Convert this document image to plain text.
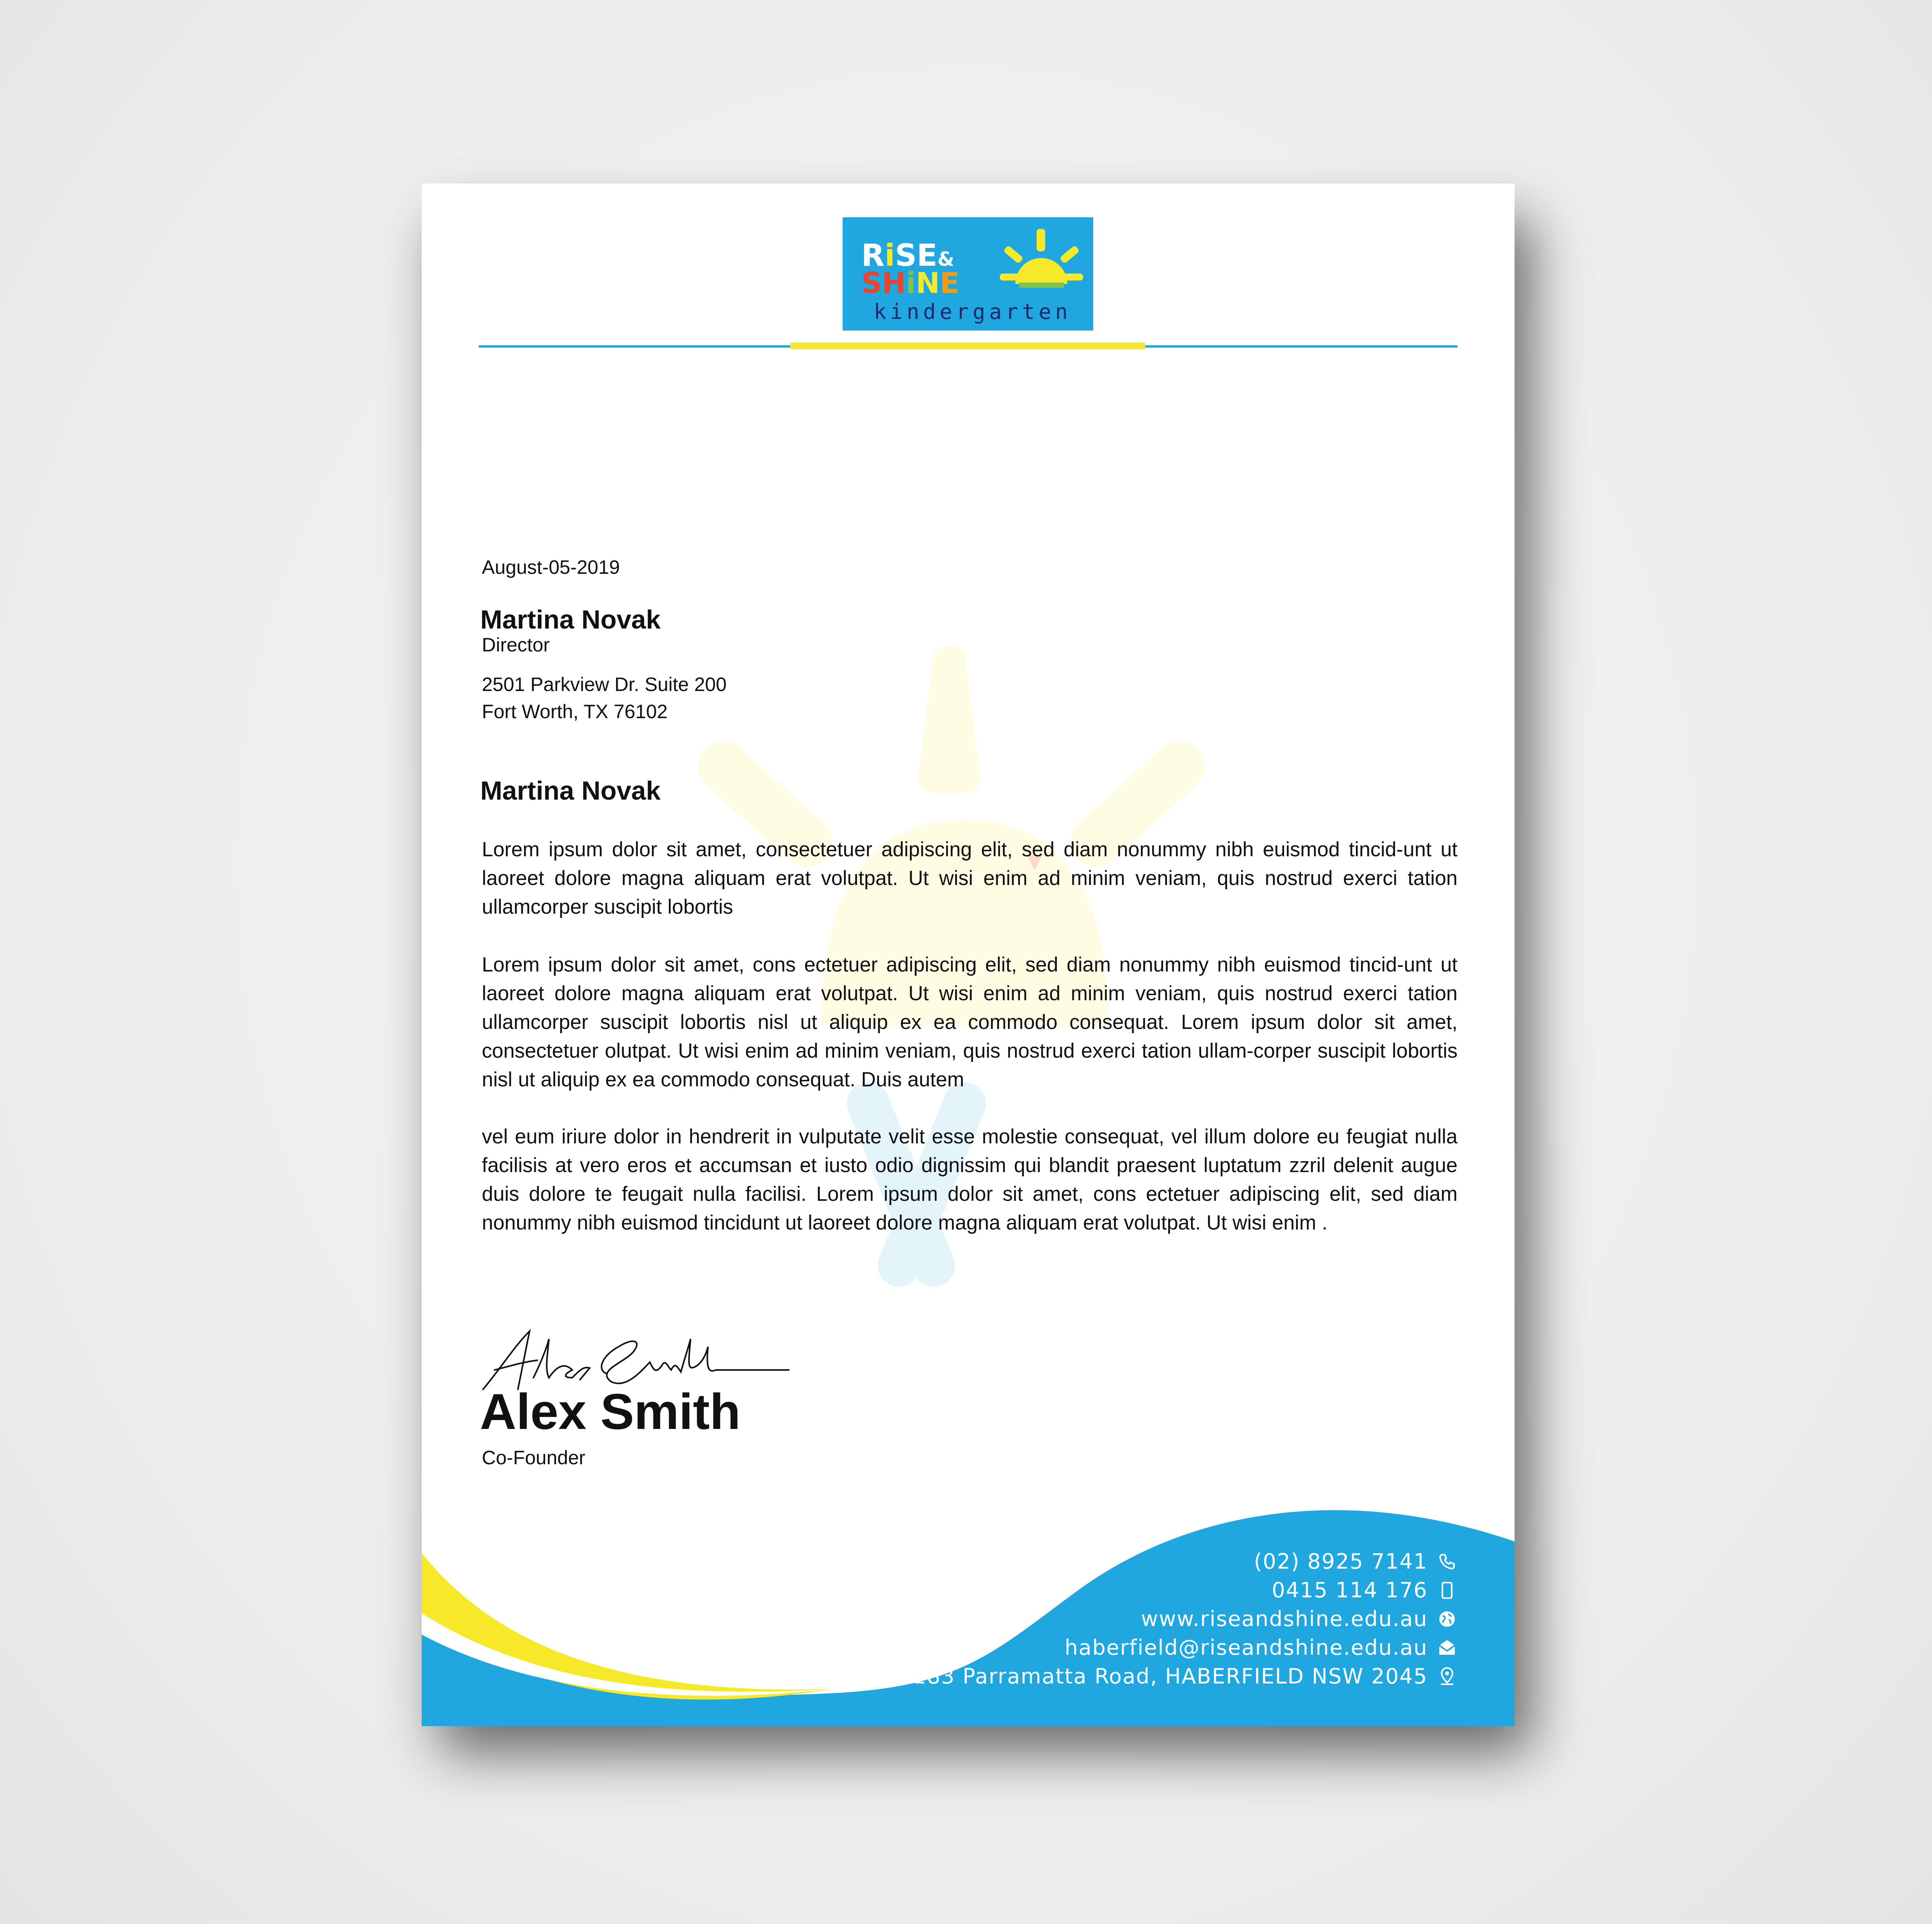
RiSE&
SHiNE
kindergarten
August-05-2019
Martina Novak
Director
2501 Parkview Dr. Suite 200
Fort Worth, TX 76102
Martina Novak
Lorem ipsum dolor sit amet, consectetuer adipiscing elit, sed diam nonummy nibh euismod tincid-unt ut laoreet dolore magna aliquam erat volutpat. Ut wisi enim ad minim veniam, quis nostrud exerci tation ullamcorper suscipit lobortis
Lorem ipsum dolor sit amet, cons ectetuer adipiscing elit, sed diam nonummy nibh euismod tincid-unt ut laoreet dolore magna aliquam erat volutpat. Ut wisi enim ad minim veniam, quis nostrud exerci tation ullamcorper suscipit lobortis nisl ut aliquip ex ea commodo consequat. Lorem ipsum dolor sit amet, consectetuer olutpat. Ut wisi enim ad minim veniam, quis nostrud exerci tation ullam-corper suscipit lobortis nisl ut aliquip ex ea commodo consequat. Duis autem
vel eum iriure dolor in hendrerit in vulputate velit esse molestie consequat, vel illum dolore eu feugiat nulla facilisis at vero eros et accumsan et iusto odio dignissim qui blandit praesent luptatum zzril delenit augue duis dolore te feugait nulla facilisi. Lorem ipsum dolor sit amet, cons ectetuer adipiscing elit, sed diam nonummy nibh euismod tincidunt ut laoreet dolore magna aliquam erat volutpat. Ut wisi enim .
Alex Smith
Co-Founder
(02) 8925 7141
0415 114 176
www.riseandshine.edu.au
haberfield@riseandshine.edu.au
183 Parramatta Road, HABERFIELD NSW 2045
